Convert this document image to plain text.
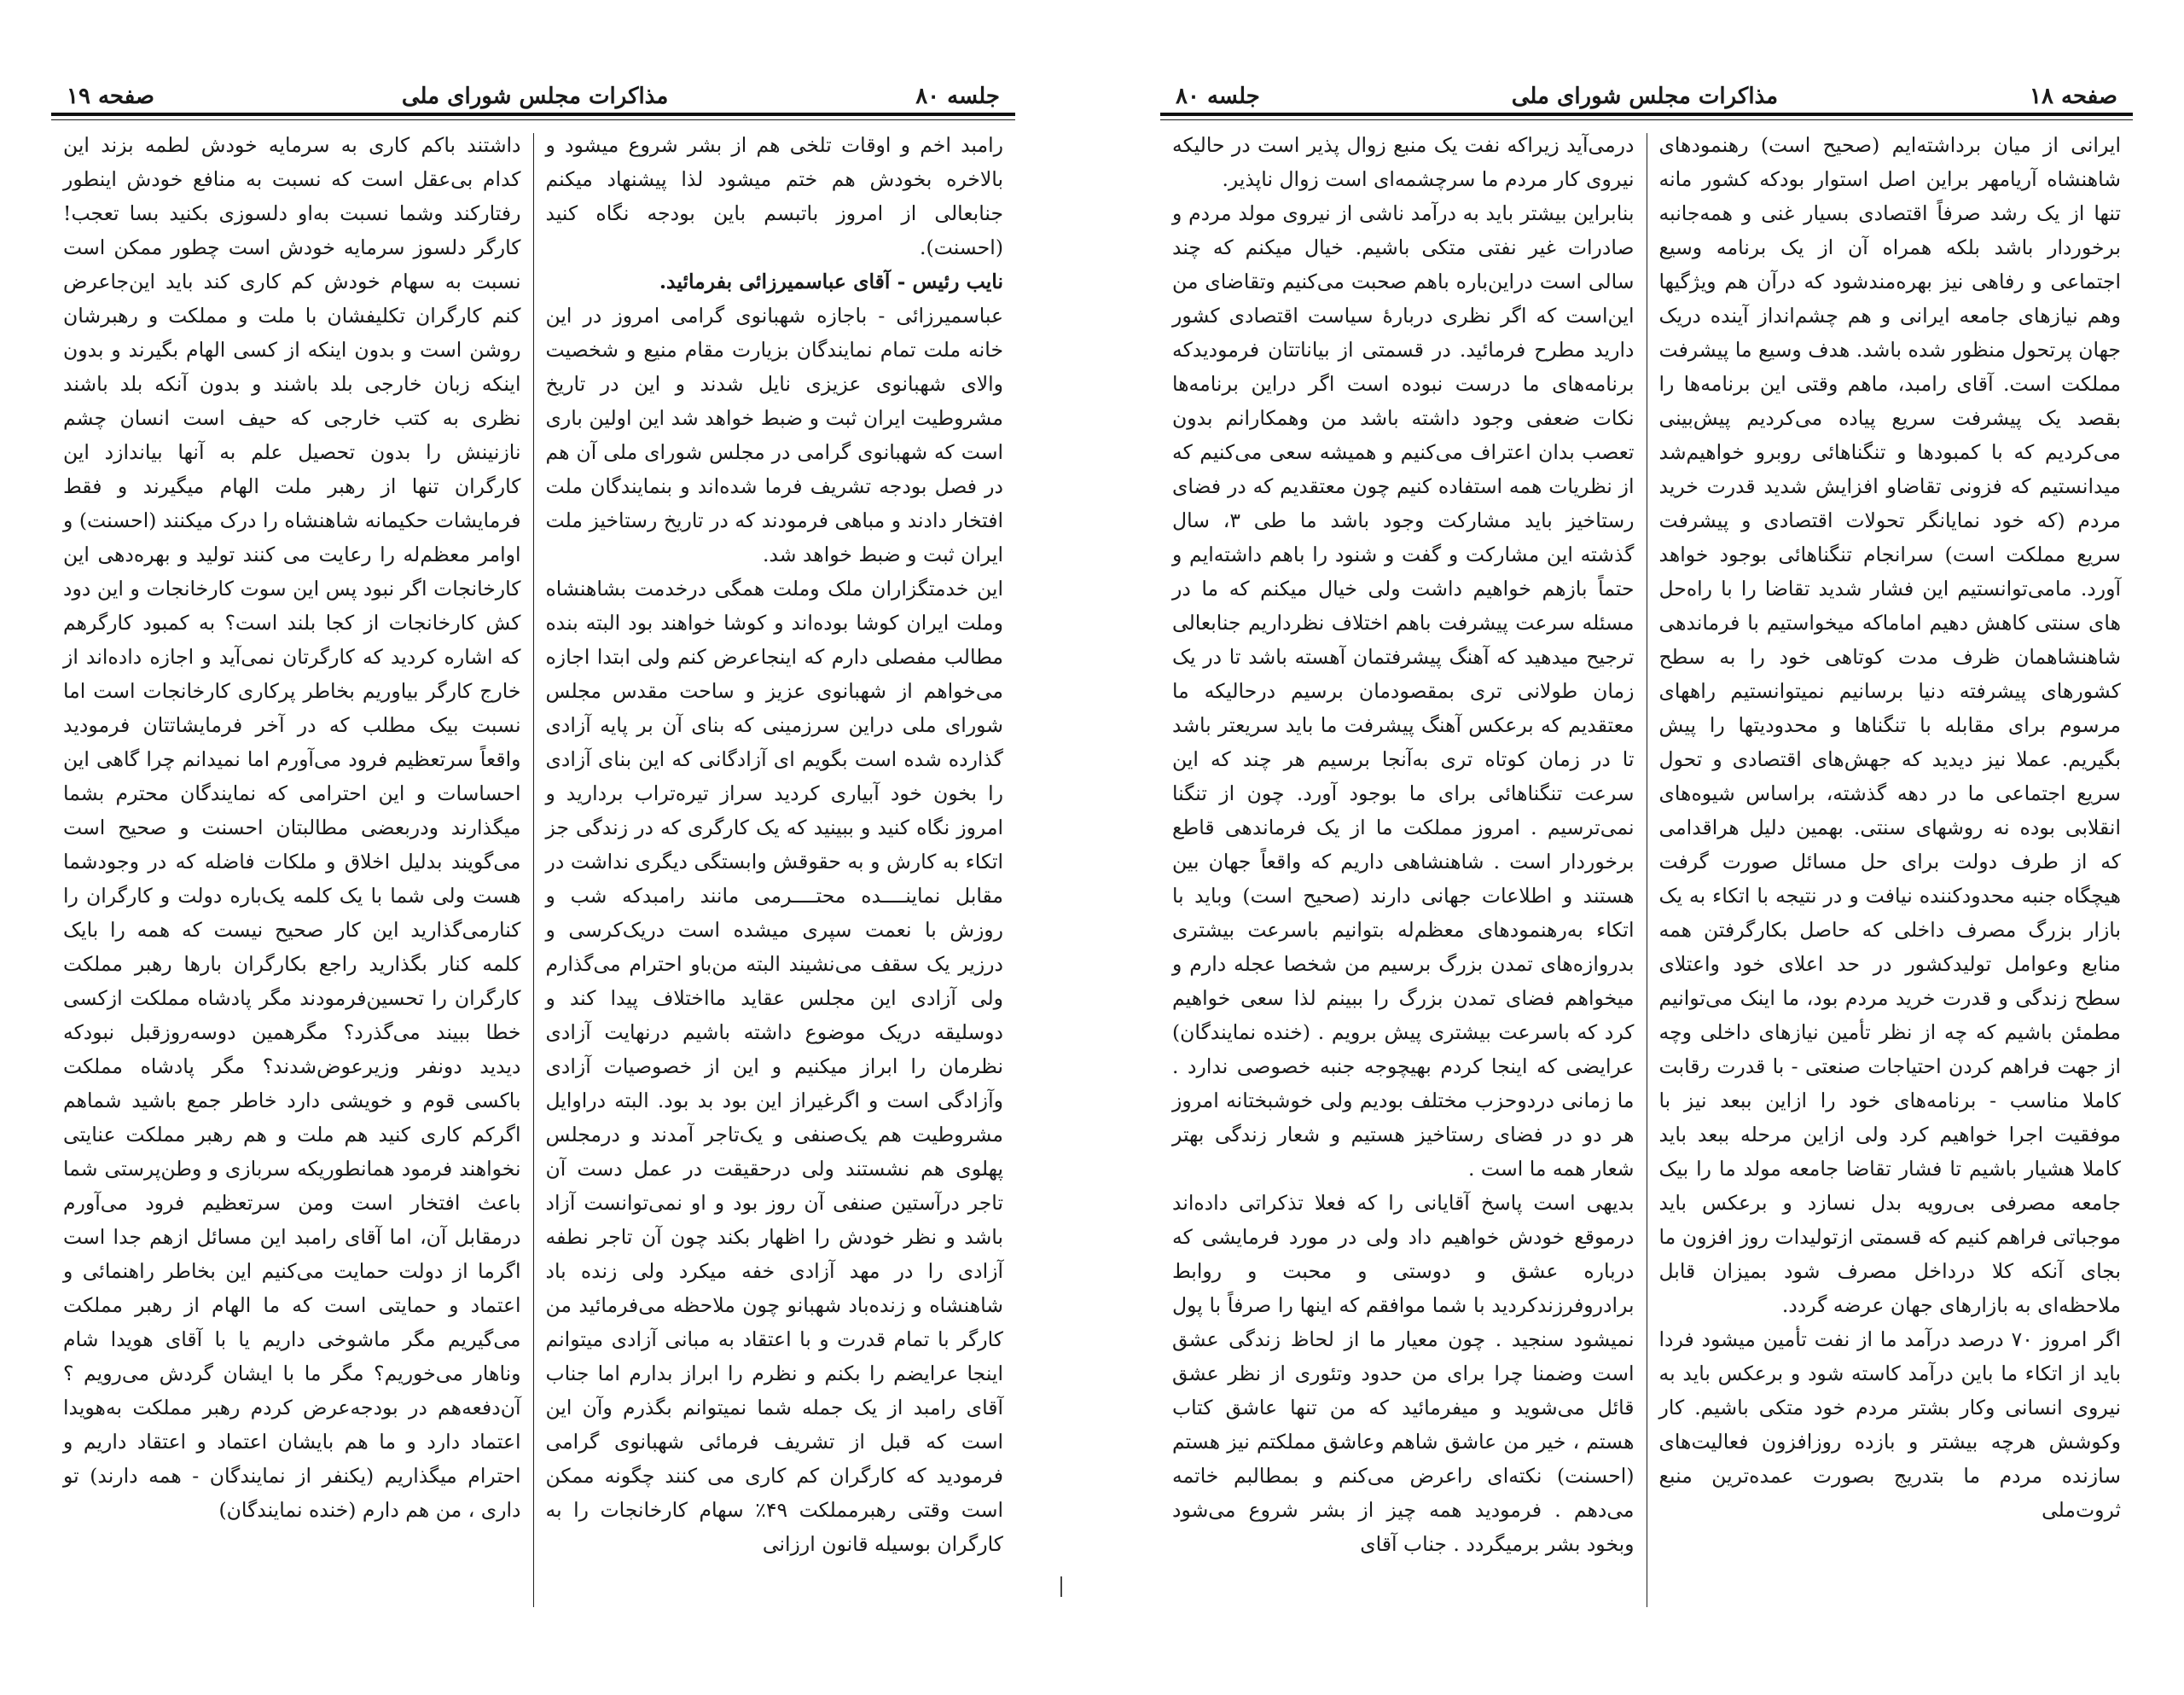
جلسه ۸۰
مذاکرات مجلس شورای ملی
صفحه ۱۹

رامبد اخم و اوقات تلخی هم از بشر شروع میشود و بالاخره بخودش هم ختم میشود لذا پیشنهاد میکنم جنابعالی از امروز باتبسم باین بودجه نگاه کنید (احسنت).

نایب رئیس - آقای عباسمیرزائی بفرمائید.

عباسمیرزائی - باجازه شهبانوی گرامی امروز در این خانه ملت تمام نمایندگان بزیارت مقام منیع و شخصیت والای شهبانوی عزیزی نایل شدند و این در تاریخ مشروطیت ایران ثبت و ضبط خواهد شد این اولین باری است که شهبانوی گرامی در مجلس شورای ملی آن هم در فصل بودجه تشریف فرما شده‌اند و بنمایندگان ملت افتخار دادند و مباهی فرمودند که در تاریخ رستاخیز ملت ایران ثبت و ضبط خواهد شد.

این خدمتگزاران ملک وملت همگی درخدمت بشاهنشاه وملت ایران کوشا بوده‌اند و کوشا خواهند بود البته بنده مطالب مفصلی دارم که اینجاعرض کنم ولی ابتدا اجازه می‌خواهم از شهبانوی عزیز و ساحت مقدس مجلس شورای ملی دراین سرزمینی که بنای آن بر پایه آزادی گذارده شده است بگویم ای آزادگانی که این بنای آزادی را بخون خود آبیاری کردید سراز تیره‌تراب بردارید و امروز نگاه کنید و ببینید که یک کارگری که در زندگی جز اتکاء به کارش و به حقوقش وابستگی دیگری نداشت در مقابل نماینــــده محتــــرمی مانند رامبدکه شب و روزش با نعمت سپری میشده است دریک‌کرسی و درزیر یک سقف می‌نشیند البته من‌باو احترام می‌گذارم ولی آزادی این مجلس عقاید مااختلاف پیدا کند و دوسلیقه دریک موضوع داشته باشیم درنهایت آزادی نظرمان را ابراز میکنیم و این از خصوصیات آزادی وآزادگی است و اگرغیراز این بود بد بود. البته دراوایل مشروطیت هم یک‌صنفی و یک‌تاجر آمدند و درمجلس پهلوی هم نشستند ولی درحقیقت در عمل دست آن تاجر درآستین صنفی آن روز بود و او نمی‌توانست آزاد باشد و نظر خودش را اظهار بکند چون آن تاجر نطفه آزادی را در مهد آزادی خفه میکرد ولی زنده باد شاهنشاه و زنده‌باد شهبانو چون ملاحظه می‌فرمائید من کارگر با تمام قدرت و با اعتقاد به مبانی آزادی میتوانم اینجا عرایضم را بکنم و نظرم را ابراز بدارم اما جناب آقای رامبد از یک جمله شما نمیتوانم بگذرم وآن این است که قبل از تشریف فرمائی شهبانوی گرامی فرمودید که کارگران کم کاری می کنند چگونه ممکن است وقتی رهبرمملکت ۴۹٪ سهام کارخانجات را به کارگران بوسیله قانون ارزانی

داشتند باکم کاری به سرمایه خودش لطمه بزند این کدام بی‌عقل است که نسبت به منافع خودش اینطور رفتارکند وشما نسبت به‌او دلسوزی بکنید بسا تعجب! کارگر دلسوز سرمایه خودش است چطور ممکن است نسبت به سهام خودش کم کاری کند باید این‌جاعرض کنم کارگران تکلیفشان با ملت و مملکت و رهبرشان روشن است و بدون اینکه از کسی الهام بگیرند و بدون اینکه زبان خارجی بلد باشند و بدون آنکه بلد باشند نظری به کتب خارجی که حیف است انسان چشم نازنینش را بدون تحصیل علم به آنها بیاندازد این کارگران تنها از رهبر ملت الهام میگیرند و فقط فرمایشات حکیمانه شاهنشاه را درک میکنند (احسنت) و اوامر معظم‌له را رعایت می کنند تولید و بهره‌دهی این کارخانجات اگر نبود پس این سوت کارخانجات و این دود کش کارخانجات از کجا بلند است؟ به کمبود کارگرهم که اشاره کردید که کارگرتان نمی‌آید و اجازه داده‌اند از خارج کارگر بیاوریم بخاطر پرکاری کارخانجات است اما نسبت بیک مطلب که در آخر فرمایشاتتان فرمودید واقعاً سرتعظیم فرود می‌آورم اما نمیدانم چرا گاهی این احساسات و این احترامی که نمایندگان محترم بشما میگذارند ودربعضی مطالبتان احسنت و صحیح است می‌گویند بدلیل اخلاق و ملکات فاضله که در وجودشما هست ولی شما با یک کلمه یک‌باره دولت و کارگران را کنارمی‌گذارید این کار صحیح نیست که همه را بایک کلمه کنار بگذارید راجع بکارگران بارها رهبر مملکت کارگران را تحسین‌فرمودند مگر پادشاه مملکت ازکسی خطا ببیند می‌گذرد؟ مگرهمین دوسه‌روزقبل نبودکه دیدید دونفر وزیرعوض‌شدند؟ مگر پادشاه مملکت باکسی قوم و خویشی دارد خاطر جمع باشید شماهم اگرکم کاری کنید هم ملت و هم رهبر مملکت عنایتی نخواهند فرمود همانطوریکه سربازی و وطن‌پرستی شما باعث افتخار است ومن سرتعظیم فرود می‌آورم درمقابل آن، اما آقای رامبد این مسائل ازهم جدا است اگرما از دولت حمایت می‌کنیم این بخاطر راهنمائی و اعتماد و حمایتی است که ما الهام از رهبر مملکت می‌گیریم مگر ماشوخی داریم یا با آقای هویدا شام وناهار می‌خوریم؟ مگر ما با ایشان گردش می‌رویم ؟ آن‌دفعه‌هم در بودجه‌عرض کردم رهبر مملکت به‌هویدا اعتماد دارد و ما هم بایشان اعتماد و اعتقاد داریم و احترام میگذاریم (یکنفر از نمایندگان - همه دارند) تو داری ، من هم دارم (خنده نمایندگان)

صفحه ۱۸
مذاکرات مجلس شورای ملی
جلسه ۸۰

ایرانی از میان برداشته‌ایم (صحیح است) رهنمودهای شاهنشاه آریامهر براین اصل استوار بودکه کشور مانه تنها از یک رشد صرفاً اقتصادی بسیار غنی و همه‌جانبه برخوردار باشد بلکه همراه آن از یک برنامه وسیع اجتماعی و رفاهی نیز بهره‌مندشود که درآن هم ویژگیها وهم نیازهای جامعه ایرانی و هم چشم‌انداز آینده دریک جهان پرتحول منظور شده باشد. هدف وسیع ما پیشرفت مملکت است. آقای رامبد، ماهم وقتی این برنامه‌ها را بقصد یک پیشرفت سریع پیاده می‌کردیم پیش‌بینی می‌کردیم که با کمبودها و تنگناهائی روبرو خواهیم‌شد میدانستیم که فزونی تقاضاو افزایش شدید قدرت خرید مردم (که خود نمایانگر تحولات اقتصادی و پیشرفت سریع مملکت است) سرانجام تنگناهائی بوجود خواهد آورد. مامی‌توانستیم این فشار شدید تقاضا را با راه‌حل های سنتی کاهش دهیم اماماکه میخواستیم با فرماندهی شاهنشاهمان ظرف مدت کوتاهی خود را به سطح کشورهای پیشرفته دنیا برسانیم نمیتوانستیم راههای مرسوم برای مقابله با تنگناها و محدودیتها را پیش بگیریم. عملا نیز دیدید که جهش‌های اقتصادی و تحول سریع اجتماعی ما در دهه گذشته، براساس شیوه‌های انقلابی بوده نه روشهای سنتی. بهمین دلیل هراقدامی که از طرف دولت برای حل مسائل صورت گرفت هیچگاه جنبه محدودکننده نیافت و در نتیجه با اتکاء به یک بازار بزرگ مصرف داخلی که حاصل بکارگرفتن همه منابع وعوامل تولیدکشور در حد اعلای خود واعتلای سطح زندگی و قدرت خرید مردم بود، ما اینک می‌توانیم مطمئن باشیم که چه از نظر تأمین نیازهای داخلی وچه از جهت فراهم کردن احتیاجات صنعتی - با قدرت رقابت کاملا مناسب - برنامه‌های خود را ازاین ببعد نیز با موفقیت اجرا خواهیم کرد ولی ازاین مرحله ببعد باید کاملا هشیار باشیم تا فشار تقاضا جامعه مولد ما را بیک جامعه مصرفی بی‌رویه بدل نسازد و برعکس باید موجباتی فراهم کنیم که قسمتی ازتولیدات روز افزون ما بجای آنکه کلا درداخل مصرف شود بمیزان قابل ملاحظه‌ای به بازارهای جهان عرضه گردد.

اگر امروز ۷۰ درصد درآمد ما از نفت تأمین میشود فردا باید از اتکاء ما باین درآمد کاسته شود و برعکس باید به نیروی انسانی وکار بشتر مردم خود متکی باشیم. کار وکوشش هرچه بیشتر و بازده روزافزون فعالیت‌های سازنده مردم ما بتدریج بصورت عمده‌ترین منبع ثروت‌ملی

درمی‌آید زیراکه نفت یک منبع زوال پذیر است در حالیکه نیروی کار مردم ما سرچشمه‌ای است زوال ناپذیر.

بنابراین بیشتر باید به درآمد ناشی از نیروی مولد مردم و صادرات غیر نفتی متکی باشیم. خیال میکنم که چند سالی است دراین‌باره باهم صحبت می‌کنیم وتقاضای من این‌است که اگر نظری دربارهٔ سیاست اقتصادی کشور دارید مطرح فرمائید. در قسمتی از بیاناتتان فرمودیدکه برنامه‌های ما درست نبوده است اگر دراین برنامه‌ها نکات ضعفی وجود داشته باشد من وهمکارانم بدون تعصب بدان اعتراف می‌کنیم و همیشه سعی می‌کنیم که از نظریات همه استفاده کنیم چون معتقدیم که در فضای رستاخیز باید مشارکت وجود باشد ما طی ۳، سال گذشته این مشارکت و گفت و شنود را باهم داشته‌ایم و حتماً بازهم خواهیم داشت ولی خیال میکنم که ما در مسئله سرعت پیشرفت باهم اختلاف نظرداریم جنابعالی ترجیح میدهید که آهنگ پیشرفتمان آهسته باشد تا در یک زمان طولانی تری بمقصودمان برسیم درحالیکه ما معتقدیم که برعکس آهنگ پیشرفت ما باید سریعتر باشد تا در زمان کوتاه تری به‌آنجا برسیم هر چند که این سرعت تنگناهائی برای ما بوجود آورد. چون از تنگنا نمی‌ترسیم . امروز مملکت ما از یک فرماندهی قاطع برخوردار است . شاهنشاهی داریم که واقعاً جهان بین هستند و اطلاعات جهانی دارند (صحیح است) وباید با اتکاء به‌رهنمودهای معظم‌له بتوانیم باسرعت بیشتری بدروازه‌های تمدن بزرگ برسیم من شخصا عجله دارم و میخواهم فضای تمدن بزرگ را ببینم لذا سعی خواهیم کرد که باسرعت بیشتری پیش برویم . (خنده نمایندگان) عرایضی که اینجا کردم بهیچوجه جنبه خصوصی ندارد . ما زمانی دردوحزب مختلف بودیم ولی خوشبختانه امروز هر دو در فضای رستاخیز هستیم و شعار زندگی بهتر شعار همه ما است .

بدیهی است پاسخ آقایانی را که فعلا تذکراتی داده‌اند درموقع خودش خواهیم داد ولی در مورد فرمایشی که درباره عشق و دوستی و محبت و روابط برادروفرزندکردید با شما موافقم که اینها را صرفاً با پول نمیشود سنجید . چون معیار ما از لحاظ زندگی عشق است وضمنا چرا برای من حدود وتئوری از نظر عشق قائل می‌شوید و میفرمائید که من تنها عاشق کتاب هستم ، خیر من عاشق شاهم وعاشق مملکتم نیز هستم (احسنت) نکته‌ای راعرض می‌کنم و بمطالبم خاتمه می‌دهم . فرمودید همه چیز از بشر شروع می‌شود وبخود بشر برمیگردد . جناب آقای
